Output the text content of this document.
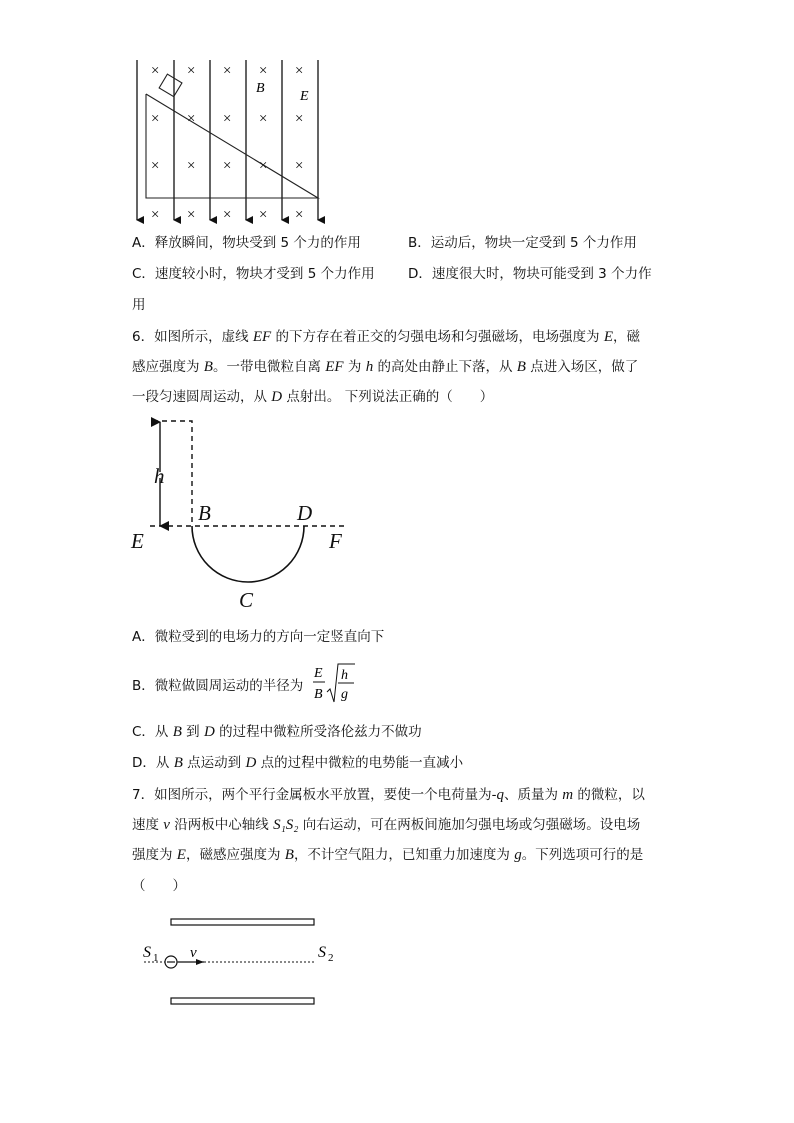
× × × × ×
× × × × ×
× × × × ×
× × × × ×
B
E
A．释放瞬间，物块受到 5 个力的作用	B．运动后，物块一定受到 5 个力作用
C．速度较小时，物块才受到 5 个力作用 D．速度很大时，物块可能受到 3 个力作
用
6．如图所示，虚线 EF 的下方存在着正交的匀强电场和匀强磁场，电场强度为 E，磁
感应强度为 B。一带电微粒自离 EF 为 h 的高处由静止下落，从 B 点进入场区，做了
一段匀速圆周运动，从 D 点射出。 下列说法正确的（　　）
h
B	D
E	F
C
A．微粒受到的电场力的方向一定竖直向下
B．微粒做圆周运动的半径为
E
B
h
g
C．从 B 到 D 的过程中微粒所受洛伦兹力不做功
D．从 B 点运动到 D 点的过程中微粒的电势能一直减小
7．如图所示，两个平行金属板水平放置，要使一个电荷量为-q、质量为 m 的微粒，以
速度 v 沿两板中心轴线 S₁S₂ 向右运动，可在两板间施加匀强电场或匀强磁场。设电场
强度为 E，磁感应强度为 B，不计空气阻力，已知重力加速度为 g。下列选项可行的是
（　　）
v
S 1	S 2
